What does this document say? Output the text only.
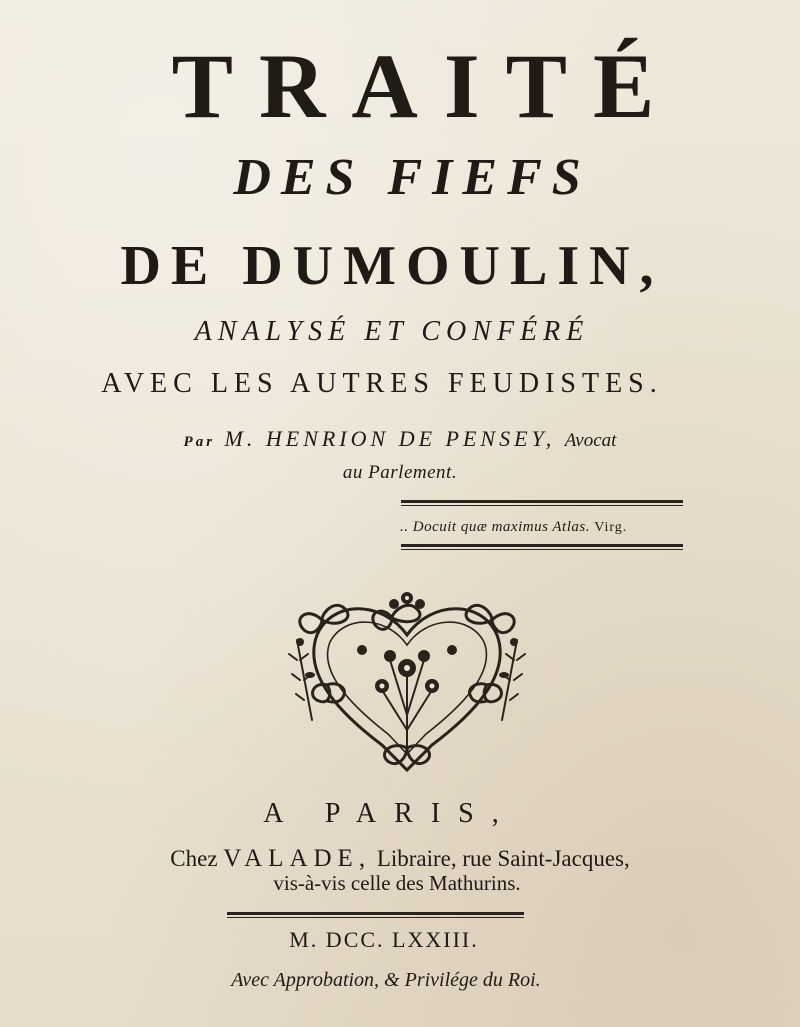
TRAITÉ
DES FIEFS
DE DUMOULIN,
ANALYSÉ ET CONFÉRÉ
AVEC LES AUTRES FEUDISTES.
Par M. HENRION DE PENSEY, Avocat
au Parlement.
.. Docuit quæ maximus Atlas. Virg.
A PARIS,
Chez VALADE, Libraire, rue Saint-Jacques,
vis-à-vis celle des Mathurins.
M. DCC. LXXIII.
Avec Approbation, & Privilége du Roi.
